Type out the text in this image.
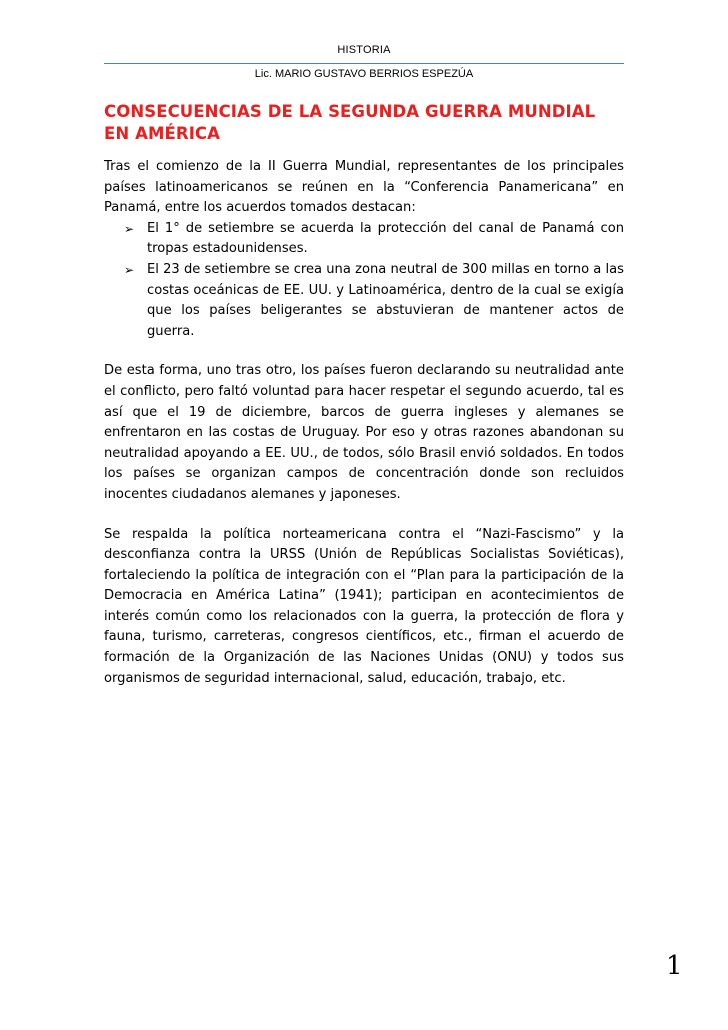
HISTORIA
Lic. MARIO GUSTAVO BERRIOS ESPEZÚA
CONSECUENCIAS DE LA SEGUNDA GUERRA MUNDIAL EN AMÉRICA

Tras el comienzo de la II Guerra Mundial, representantes de los principales países latinoamericanos se reúnen en la “Conferencia Panamericana” en Panamá, entre los acuerdos tomados destacan:

➢ El 1° de setiembre se acuerda la protección del canal de Panamá con tropas estadounidenses.
➢ El 23 de setiembre se crea una zona neutral de 300 millas en torno a las costas oceánicas de EE. UU. y Latinoamérica, dentro de la cual se exigía que los países beligerantes se abstuvieran de mantener actos de guerra.

De esta forma, uno tras otro, los países fueron declarando su neutralidad ante el conflicto, pero faltó voluntad para hacer respetar el segundo acuerdo, tal es así que el 19 de diciembre, barcos de guerra ingleses y alemanes se enfrentaron en las costas de Uruguay. Por eso y otras razones abandonan su neutralidad apoyando a EE. UU., de todos, sólo Brasil envió soldados. En todos los países se organizan campos de concentración donde son recluidos inocentes ciudadanos alemanes y japoneses.

Se respalda la política norteamericana contra el “Nazi-Fascismo” y la desconfianza contra la URSS (Unión de Repúblicas Socialistas Soviéticas), fortaleciendo la política de integración con el “Plan para la participación de la Democracia en América Latina” (1941); participan en acontecimientos de interés común como los relacionados con la guerra, la protección de flora y fauna, turismo, carreteras, congresos científicos, etc., firman el acuerdo de formación de la Organización de las Naciones Unidas (ONU) y todos sus organismos de seguridad internacional, salud, educación, trabajo, etc.

1
